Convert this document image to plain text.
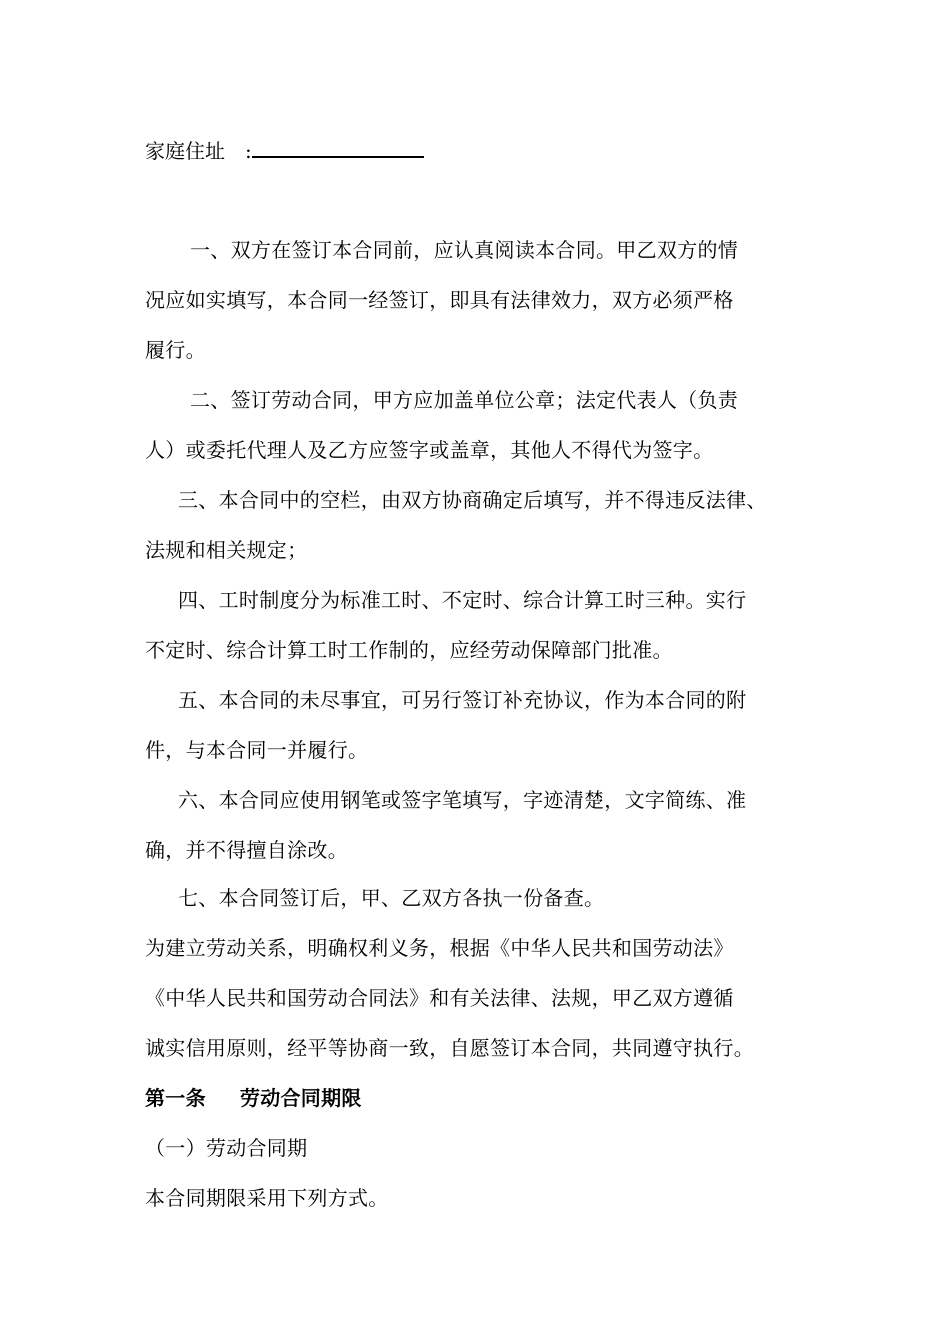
家庭住址 :
一、双方在签订本合同前，应认真阅读本合同。甲乙双方的情
况应如实填写，本合同一经签订，即具有法律效力，双方必须严格
履行。
二、签订劳动合同，甲方应加盖单位公章；法定代表人（负责
人）或委托代理人及乙方应签字或盖章，其他人不得代为签字。
三、本合同中的空栏，由双方协商确定后填写，并不得违反法律、
法规和相关规定；
四、工时制度分为标准工时、不定时、综合计算工时三种。实行
不定时、综合计算工时工作制的，应经劳动保障部门批准。
五、本合同的未尽事宜，可另行签订补充协议，作为本合同的附
件，与本合同一并履行。
六、本合同应使用钢笔或签字笔填写，字迹清楚，文字简练、准
确，并不得擅自涂改。
七、本合同签订后，甲、乙双方各执一份备查。
为建立劳动关系，明确权利义务，根据《中华人民共和国劳动法》
《中华人民共和国劳动合同法》和有关法律、法规，甲乙双方遵循
诚实信用原则，经平等协商一致，自愿签订本合同，共同遵守执行。
第一条 劳动合同期限
（一）劳动合同期
本合同期限采用下列方式。
